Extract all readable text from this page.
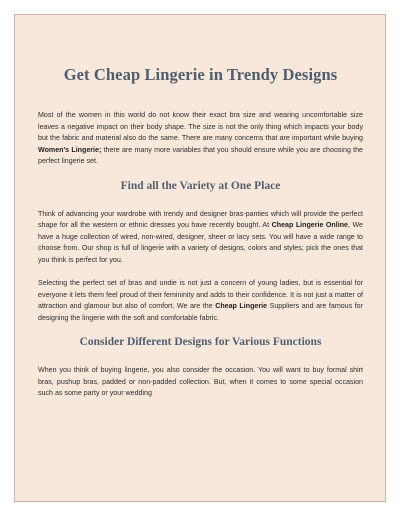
Get Cheap Lingerie in Trendy Designs

Most of the women in this world do not know their exact bra size and wearing uncomfortable size leaves a negative impact on their body shape. The size is not the only thing which impacts your body but the fabric and material also do the same. There are many concerns that are important while buying Women's Lingerie; there are many more variables that you should ensure while you are choosing the perfect lingerie set.

Find all the Variety at One Place

Think of advancing your wardrobe with trendy and designer bras-panties which will provide the perfect shape for all the western or ethnic dresses you have recently bought. At Cheap Lingerie Online, We have a huge collection of wired, non-wired, designer, sheer or lacy sets. You will have a wide range to choose from. Our shop is full of lingerie with a variety of designs, colors and styles; pick the ones that you think is perfect for you.

Selecting the perfect set of bras and undie is not just a concern of young ladies, but is essential for everyone it lets them feel proud of their femininity and adds to their confidence. It is not just a matter of attraction and glamour but also of comfort. We are the Cheap Lingerie Suppliers and are famous for designing the lingerie with the soft and comfortable fabric.

Consider Different Designs for Various Functions

When you think of buying lingerie, you also consider the occasion. You will want to buy formal shirt bras, pushup bras, padded or non-padded collection. But, when it comes to some special occasion such as some party or your wedding
